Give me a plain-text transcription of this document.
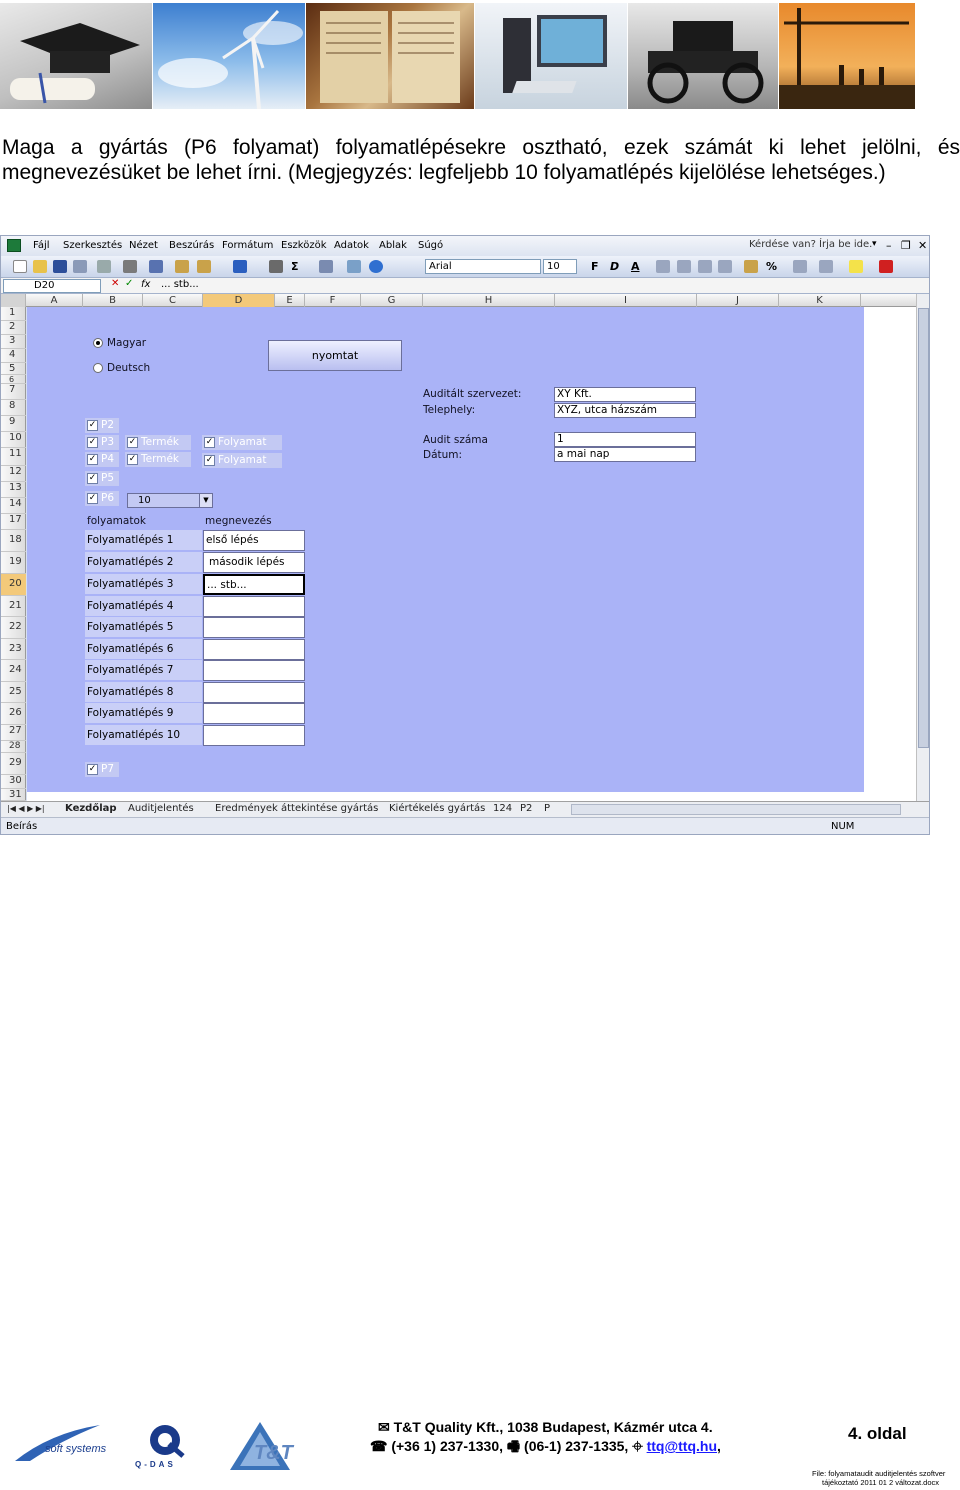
Maga a gyártás (P6 folyamat) folyamatlépésekre osztható, ezek számát ki lehet jelölni, és
megnevezésüket be lehet írni. (Megjegyzés: legfeljebb 10 folyamatlépés kijelölése lehetséges.)
Fájl Szerkesztés Nézet Beszúrás Formátum Eszközök Adatok Ablak Súgó	Kérdése van? Írja be ide. ▾ – ❐ ✕
Σ	Arial	10	F D A	%
D20	✕ ✓ fx ... stb...
A	B	C	D	E	F	G	H	I	J	K
1
2
3
4
5
6
7
8
9
10
11
12
13
14
17
18
19
20
21
22
23
24
25
26
27
28
29
30
31
Magyar
Deutsch
nyomtat
Auditált szervezet:	XY Kft.
Telephely:	XYZ, utca házszám
Audit száma	1
Dátum:	a mai nap
✓ P2
✓ P3
✓ P4
✓ P5
✓ P6
✓ Termék
✓ Termék
✓ Folyamat
✓ Folyamat
10	▼
folyamatok	megnevezés
Folyamatlépés 1	első lépés
Folyamatlépés 2	második lépés
Folyamatlépés 3	... stb...
Folyamatlépés 4
Folyamatlépés 5
Folyamatlépés 6
Folyamatlépés 7
Folyamatlépés 8
Folyamatlépés 9
Folyamatlépés 10
✓ P7
|◀ ◀ ▶ ▶| Kezdőlap Auditjelentés Eredmények áttekintése gyártás Kiértékelés gyártás 124 P2 P
Beírás	NUM
soft systems
Q-DAS
T&T
✉ T&T Quality Kft., 1038 Budapest, Kázmér utca 4.
☎ (+36 1) 237-1330, 🖷 (06-1) 237-1335, ⌖ ttq@ttq.hu,
4. oldal
File: folyamataudit auditjelentés szoftver
tájékoztató 2011 01 2 változat.docx
